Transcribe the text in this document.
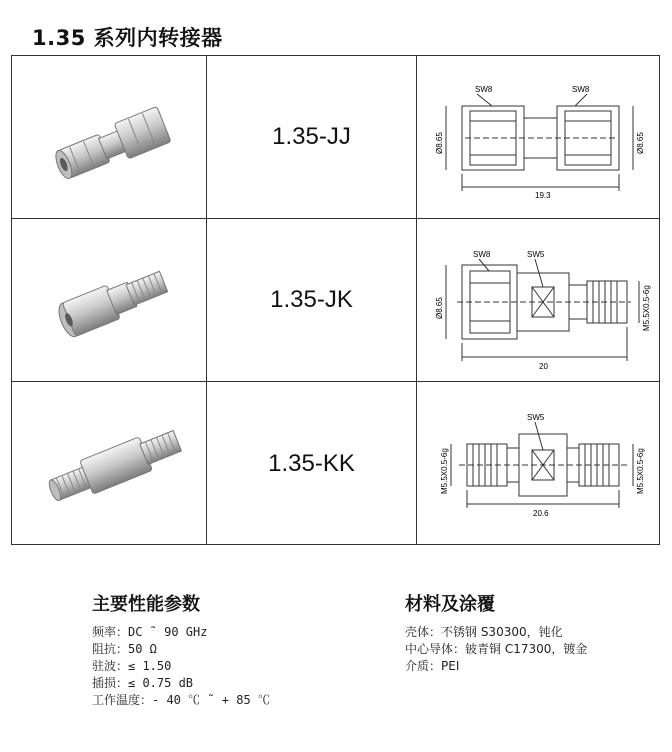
1.35 系列内转接器
1.35-JJ
SW8	SW8
19.3
Ø8.65	Ø8.65
1.35-JK
SW8	SW5
20
Ø8.65	M5.5X0.5-6g
1.35-KK
SW5
20.6
M5.5X0.5-6g	M5.5X0.5-6g
主要性能参数
频率：DC ˜ 90 GHz
阻抗：50 Ω
驻波：≤ 1.50
插损：≤ 0.75 dB
工作温度：- 40 ℃ ˜ + 85 ℃
材料及涂覆
壳体：不锈钢 S30300，钝化
中心导体：铍青铜 C17300，镀金
介质：PEI
